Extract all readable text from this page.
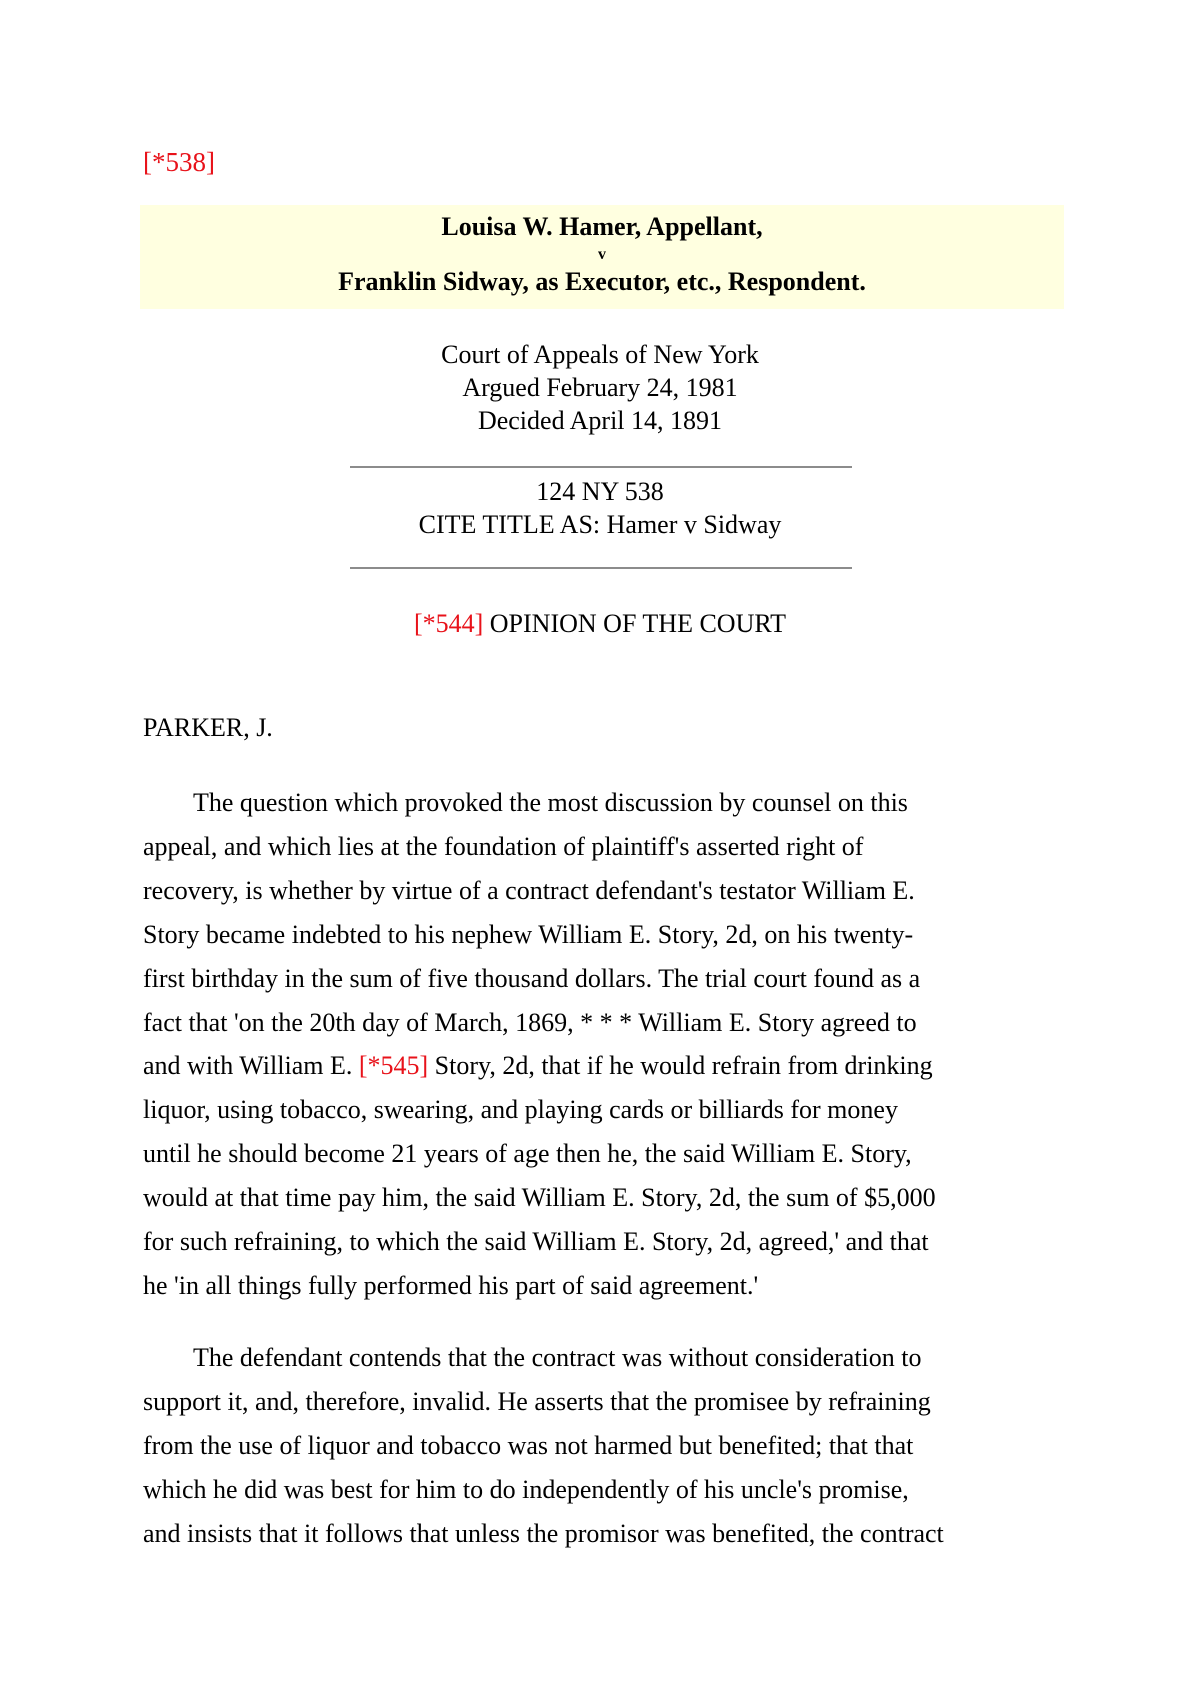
[*538]
Louisa W. Hamer, Appellant,
v
Franklin Sidway, as Executor, etc., Respondent.
Court of Appeals of New York
Argued February 24, 1981
Decided April 14, 1891
124 NY 538
CITE TITLE AS: Hamer v Sidway
[*544] OPINION OF THE COURT
PARKER, J.
The question which provoked the most discussion by counsel on this
appeal, and which lies at the foundation of plaintiff's asserted right of
recovery, is whether by virtue of a contract defendant's testator William E.
Story became indebted to his nephew William E. Story, 2d, on his twenty-
first birthday in the sum of five thousand dollars. The trial court found as a
fact that 'on the 20th day of March, 1869, * * * William E. Story agreed to
and with William E. [*545] Story, 2d, that if he would refrain from drinking
liquor, using tobacco, swearing, and playing cards or billiards for money
until he should become 21 years of age then he, the said William E. Story,
would at that time pay him, the said William E. Story, 2d, the sum of $5,000
for such refraining, to which the said William E. Story, 2d, agreed,' and that
he 'in all things fully performed his part of said agreement.'
The defendant contends that the contract was without consideration to
support it, and, therefore, invalid. He asserts that the promisee by refraining
from the use of liquor and tobacco was not harmed but benefited; that that
which he did was best for him to do independently of his uncle's promise,
and insists that it follows that unless the promisor was benefited, the contract
